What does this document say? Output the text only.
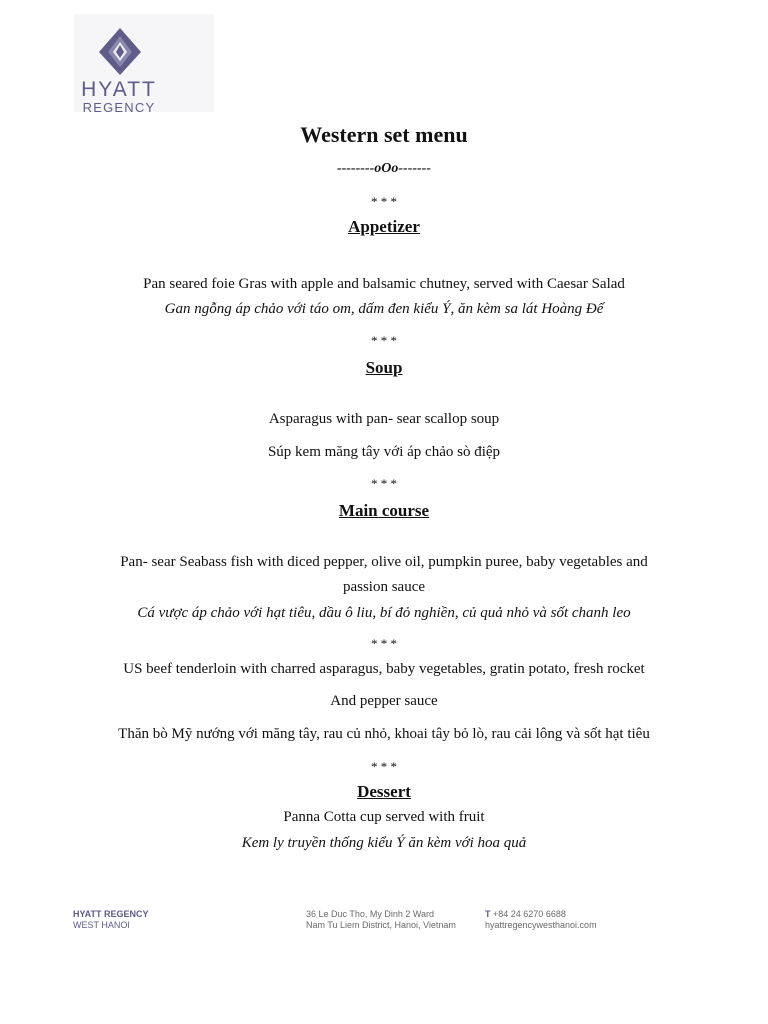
HYATT
REGENCY
Western set menu
--------oOo-------
* * *
Appetizer
Pan seared foie Gras with apple and balsamic chutney, served with Caesar Salad
Gan ngỗng áp chảo với táo om, dấm đen kiểu Ý, ăn kèm sa lát Hoàng Đế
* * *
Soup
Asparagus with pan- sear scallop soup
Súp kem măng tây với áp chảo sò điệp
* * *
Main course
Pan- sear Seabass fish with diced pepper, olive oil, pumpkin puree, baby vegetables and
passion sauce
Cá vược áp chảo với hạt tiêu, dầu ô liu, bí đỏ nghiền, củ quả nhỏ và sốt chanh leo
* * *
US beef tenderloin with charred asparagus, baby vegetables, gratin potato, fresh rocket
And pepper sauce
Thăn bò Mỹ nướng với măng tây, rau củ nhỏ, khoai tây bỏ lò, rau cải lông và sốt hạt tiêu
* * *
Dessert
Panna Cotta cup served with fruit
Kem ly truyền thống kiểu Ý ăn kèm với hoa quả
HYATT REGENCY
WEST HANOI
36 Le Duc Tho, My Dinh 2 Ward
Nam Tu Liem District, Hanoi, Vietnam
T +84 24 6270 6688
hyattregencywesthanoi.com
